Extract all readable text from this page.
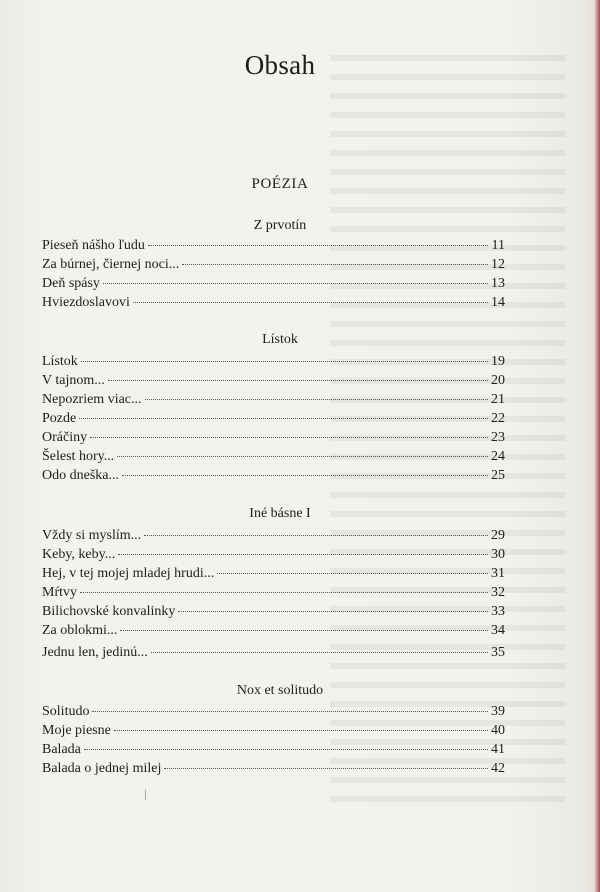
Obsah
POÉZIA
Z prvotín
Pieseň nášho ľudu	11
Za búrnej, čiernej noci...	12
Deň spásy	13
Hviezdoslavovi	14
Lístok
Lístok	19
V tajnom...	20
Nepozriem viac...	21
Pozde	22
Oráčiny	23
Šelest hory...	24
Odo dneška...	25
Iné básne I
Vždy si myslím...	29
Keby, keby...	30
Hej, v tej mojej mladej hrudi...	31
Mŕtvy	32
Bilichovské konvalinky	33
Za oblokmi...	34
Jednu len, jedinú...	35
Nox et solitudo
Solitudo	39
Moje piesne	40
Balada	41
Balada o jednej milej	42
